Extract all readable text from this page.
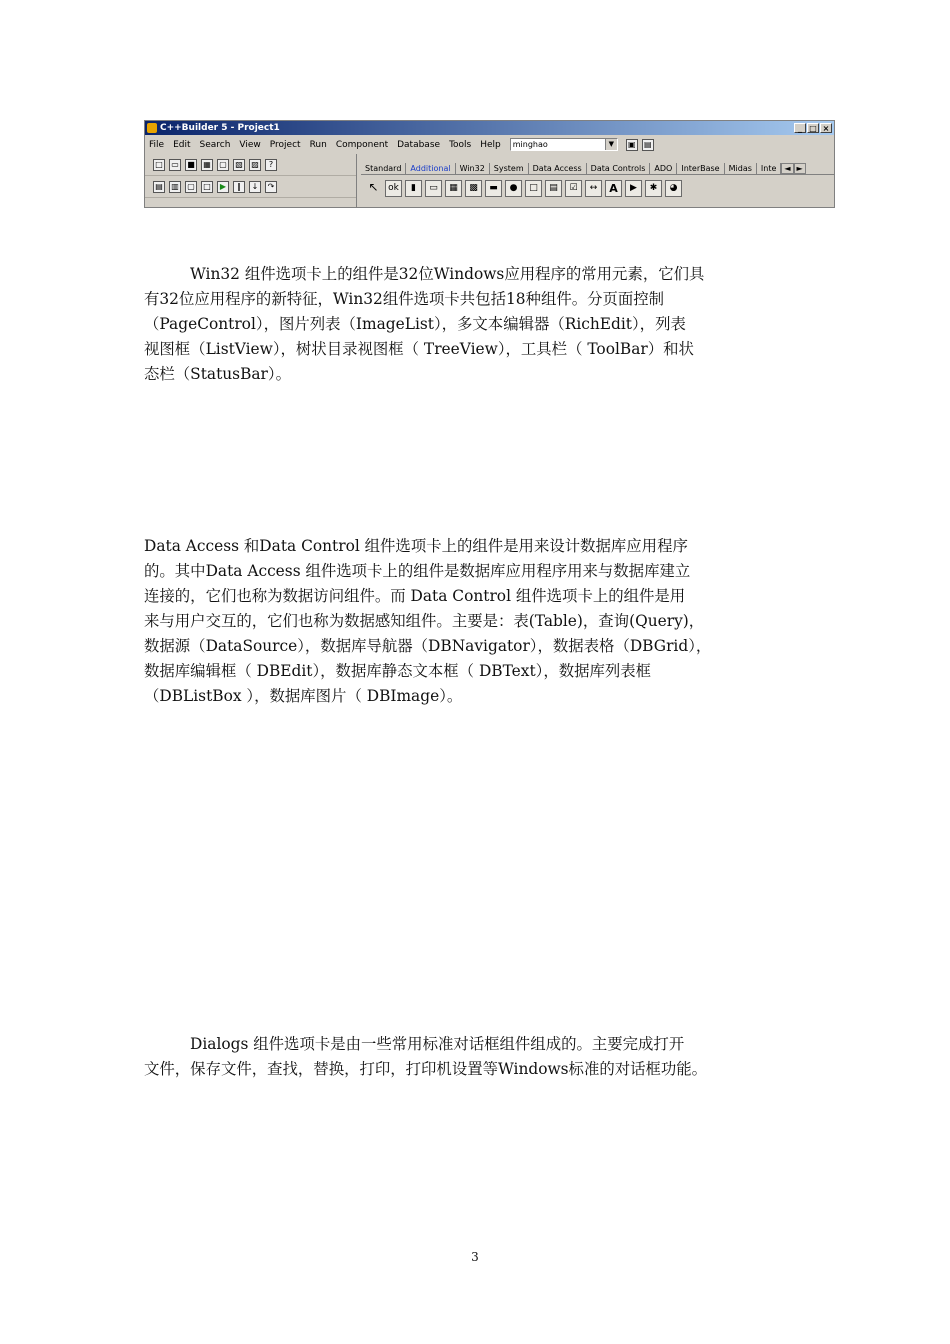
C++Builder 5 - Project1	_ □ ×
File Edit Search View Project Run Component Database Tools Help	minghao	▼	▣ ▤
□ ▭ ■ ▦ ▢ ▧ ▨	?
▤ ▥ ▢ □	▶	‖	↓	↷
Standard	Additional	Win32	System	Data Access	Data Controls	ADO	InterBase	Midas	Inte	◄ ►
↖	ok	▮	▭	▦	▩	▬	●	□	▤	☑	↔	A	▶	✱	◕
Win32 组件选项卡上的组件是32位Windows应用程序的常用元素，它们具
有32位应用程序的新特征，Win32组件选项卡共包括18种组件。分页面控制
（PageControl），图片列表（ImageList），多文本编辑器（RichEdit），列表
视图框（ListView），树状目录视图框（ TreeView），工具栏（ ToolBar）和状
态栏（StatusBar）。
Data Access 和Data Control 组件选项卡上的组件是用来设计数据库应用程序
的。其中Data Access 组件选项卡上的组件是数据库应用程序用来与数据库建立
连接的，它们也称为数据访问组件。而 Data Control 组件选项卡上的组件是用
来与用户交互的，它们也称为数据感知组件。主要是：表(Table)，查询(Query)，
数据源（DataSource），数据库导航器（DBNavigator），数据表格（DBGrid），
数据库编辑框（ DBEdit），数据库静态文本框（ DBText），数据库列表框
（DBListBox ），数据库图片（ DBImage）。
Dialogs 组件选项卡是由一些常用标准对话框组件组成的。主要完成打开
文件，保存文件，查找，替换，打印，打印机设置等Windows标准的对话框功能。
3
